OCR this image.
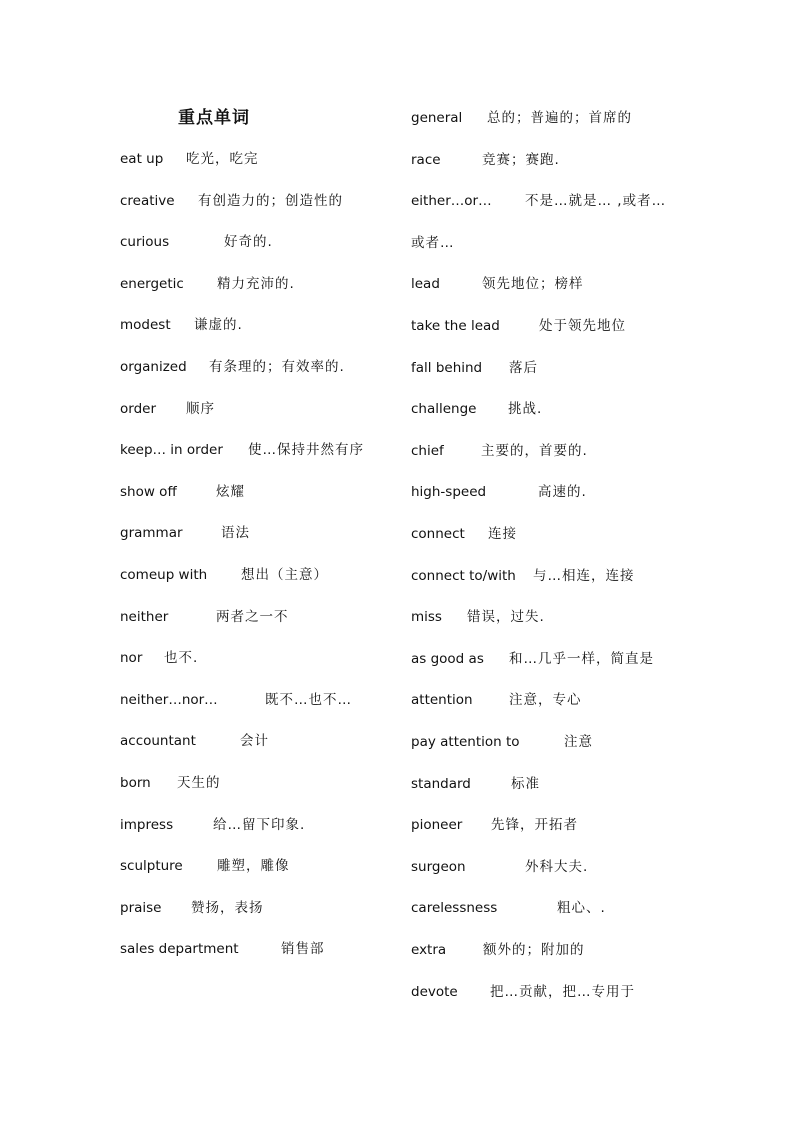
重点单词
eat up 吃光，吃完
creative 有创造力的；创造性的
curious	好奇的.
energetic 精力充沛的.
modest 谦虚的.
organized 有条理的；有效率的.
order 顺序
keep… in order 使…保持井然有序
show off	炫耀
grammar	语法
comeup with	想出（主意）
neither	两者之一不
nor 也不.
neither…nor…	既不…也不…
accountant	会计
born 天生的
impress	给…留下印象.
sculpture	雕塑，雕像
praise 赞扬，表扬
sales department	销售部
general 总的；普遍的；首席的
race	竞赛；赛跑.
either…or… 不是…就是… ,或者…
或者…
lead	领先地位；榜样
take the lead	处于领先地位
fall behind 落后
challenge 挑战.
chief	主要的，首要的.
high-speed	高速的.
connect 连接
connect to/with 与…相连，连接
miss 错误，过失.
as good as 和…几乎一样，简直是
attention	注意，专心
pay attention to	注意
standard	标准
pioneer 先锋，开拓者
surgeon	外科大夫.
carelessness	粗心、.
extra	额外的；附加的
devote 把…贡献，把…专用于
